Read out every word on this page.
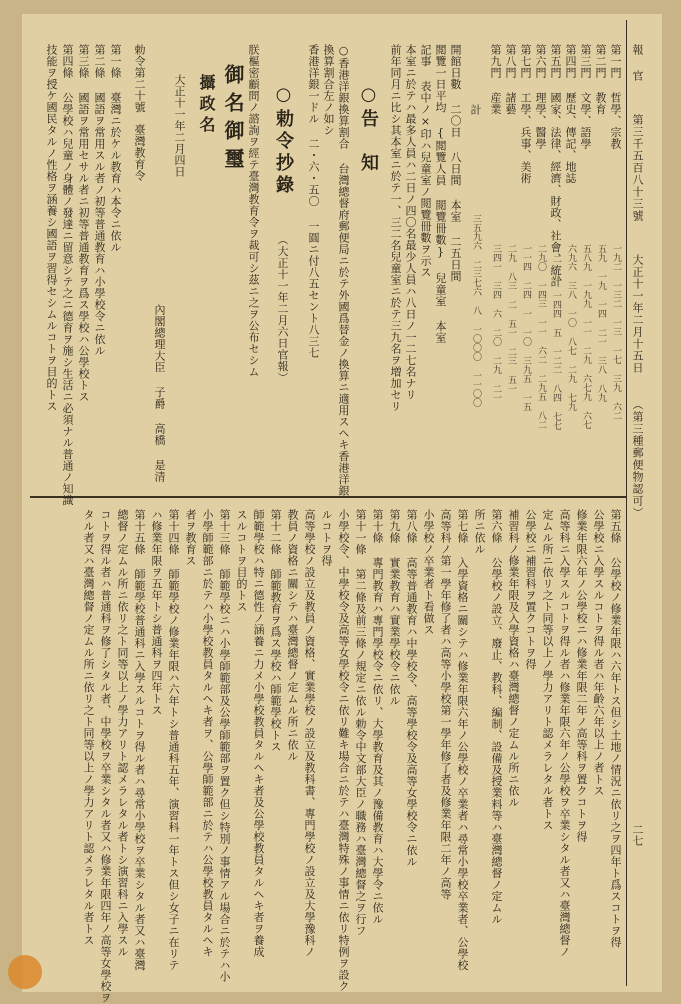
報 官
第三千五百八十三號
大正十一年二月十五日
（第三種郵便物認可）
二七
第一門 哲學、宗教
一九二 一三二 一三 一七 三九 六二
第二門 教育
五九 一九 一四 二一 三八 八九
第三門 文學、語學
五八九 一九九 一一 二九 六七九 六七
第四門 歷史、傳記、地誌
六九六 三八 一〇 八七 二九 七九
第五門 國家、法律、經濟、財政、社會、統計
二一八 一四四 五 一二二 八四 七七
第六門 理學、醫學
二九〇 一四三 一一 六二 二九五 八二
第七門 工學、兵事、美術
一一四 二四 一 一〇 三九五 一五
第八門 諸藝
二九 八三 二 五一 二三 五一
第九門 産業
三四一 三四 六 二〇 二九 二一
計
三五九六 二三七六 八 一〇〇〇 一一〇〇
開館日數 二〇日 八日間 本室 二五日間
閲覽一日平均 {閲覽人員 閲覽冊數} 兒童室 本室
記事 表中ノ×印ハ兒童室ノ閲覽冊數ヲ示ス
本室ニ於テハ最多人員ハ二日ノ四〇名最少人員ハ八日ノ一二七名ナリ
前年同月ニ比シ其本室ニ於テ一、三二名兒童室ニ於テ三九名ヲ増加セリ
○告　知
○香港洋銀換算割合 台灣總督府郵便局ニ於テ外國爲替金ノ換算ニ適用スヘキ香港洋銀
換算割合左ノ如シ
香港洋銀一ドル 二・六・五〇 一圓ニ付八五セント八三七
○勅令抄錄
（大正十一年二月六日官報）
朕樞密顧問ノ諮詢ヲ經テ臺灣教育令ヲ裁可シ茲ニ之ヲ公布セシム
御名御璽
攝政名
大正十一年二月四日
內閣總理大臣 子爵 高橋 是清
勅令第二十號
臺灣教育令
第一條 臺灣ニ於ケル教育ハ本令ニ依ル
第二條 國語ヲ常用スル者ノ初等普通教育ハ小學校令ニ依ル
第三條 國語ヲ常用セサル者ニ初等普通教育ヲ爲ス學校ハ公學校トス
第四條 公學校ハ兒童ノ身體ノ發達ニ留意シテ之ニ德育ヲ施シ生活ニ必須ナル普通ノ知識
技能ヲ授ケ國民タルノ性格ヲ涵養シ國語ヲ習得セシムルコトヲ目的トス
第五條 公學校ノ修業年限ハ六年トス但シ土地ノ情況ニ依リ之ヲ四年ト爲スコトヲ得
公學校ニ入學スルコトヲ得ル者ハ年齡六年以上ノ者トス
修業年限六年ノ公學校ニハ修業年限二年ノ高等科ヲ置クコトヲ得
高等科ニ入學スルコトヲ得ル者ハ修業年限六年ノ公學校ヲ卒業シタル者又ハ臺灣總督ノ
定ムル所ニ依リ之ト同等以上ノ學力アリト認メラレタル者トス
公學校ニ補習科ヲ置クコトヲ得
補習科ノ修業年限及入學資格ハ臺灣總督ノ定ムル所ニ依ル
第六條 公學校ノ設立、廢止、教科、編制、設備及授業料等ハ臺灣總督ノ定ムル
所ニ依ル
第七條 入學資格ニ關シテハ修業年限六年ノ公學校ノ卒業者ハ尋常小學校卒業者、公學校
高等科ノ第一學年修了者ハ高等小學校第一學年修了者及修業年限二年ノ高等
小學校ノ卒業者ト看做ス
第八條 高等普通教育ハ中學校令、高等學校令及高等女學校令ニ依ル
第九條 實業教育ハ實業學校令ニ依ル
第十條 專門教育ハ專門學校令ニ依リ、大學教育及其ノ豫備教育ハ大學令ニ依ル
第十一條 第二條及前三條ノ規定ニ依ル勅令中文部大臣ノ職務ハ臺灣總督之ヲ行フ
小學校令、中學校令及高等女學校令ニ依リ難キ場合ニ於テハ臺灣特殊ノ事情ニ依リ特例ヲ設ク
ルコトヲ得
高等學校ノ設立及教員ノ資格、實業學校ノ設立及教科書、專門學校ノ設立及大學豫科ノ
教員ノ資格ニ關シテハ臺灣總督ノ定ムル所ニ依ル
第十二條 師範教育ヲ爲ス學校ハ師範學校トス
師範學校ハ特ニ德性ノ涵養ニ力メ小學校教員タルヘキ者及公學校教員タルヘキ者ヲ養成
スルコトヲ目的トス
第十三條 師範學校ニハ小學師範部及公學師範部ヲ置ク但シ特別ノ事情アル場合ニ於テハ小
小學師範部ニ於テハ小學校教員タルヘキ者ヲ、公學師範部ニ於テハ公學校教員タルヘキ
者ヲ教育ス
第十四條 師範學校ノ修業年限ハ六年トシ普通科五年、演習科一年トス但シ女子ニ在リテ
ハ修業年限ヲ五年トシ普通科ヲ四年トス
第十五條 師範學校普通科ニ入學スルコトヲ得ル者ハ尋常小學校ヲ卒業シタル者又ハ臺灣
總督ノ定ムル所ニ依リ之ト同等以上ノ學力アリト認メラレタル者トシ演習科ニ入學スル
コトヲ得ル者ハ普通科ヲ修了シタル者、中學校ヲ卒業シタル者又ハ修業年限四年ノ高等女學校ヲ
タル者又ハ臺灣總督ノ定ムル所ニ依リ之ト同等以上ノ學力アリト認メラレタル者トス
